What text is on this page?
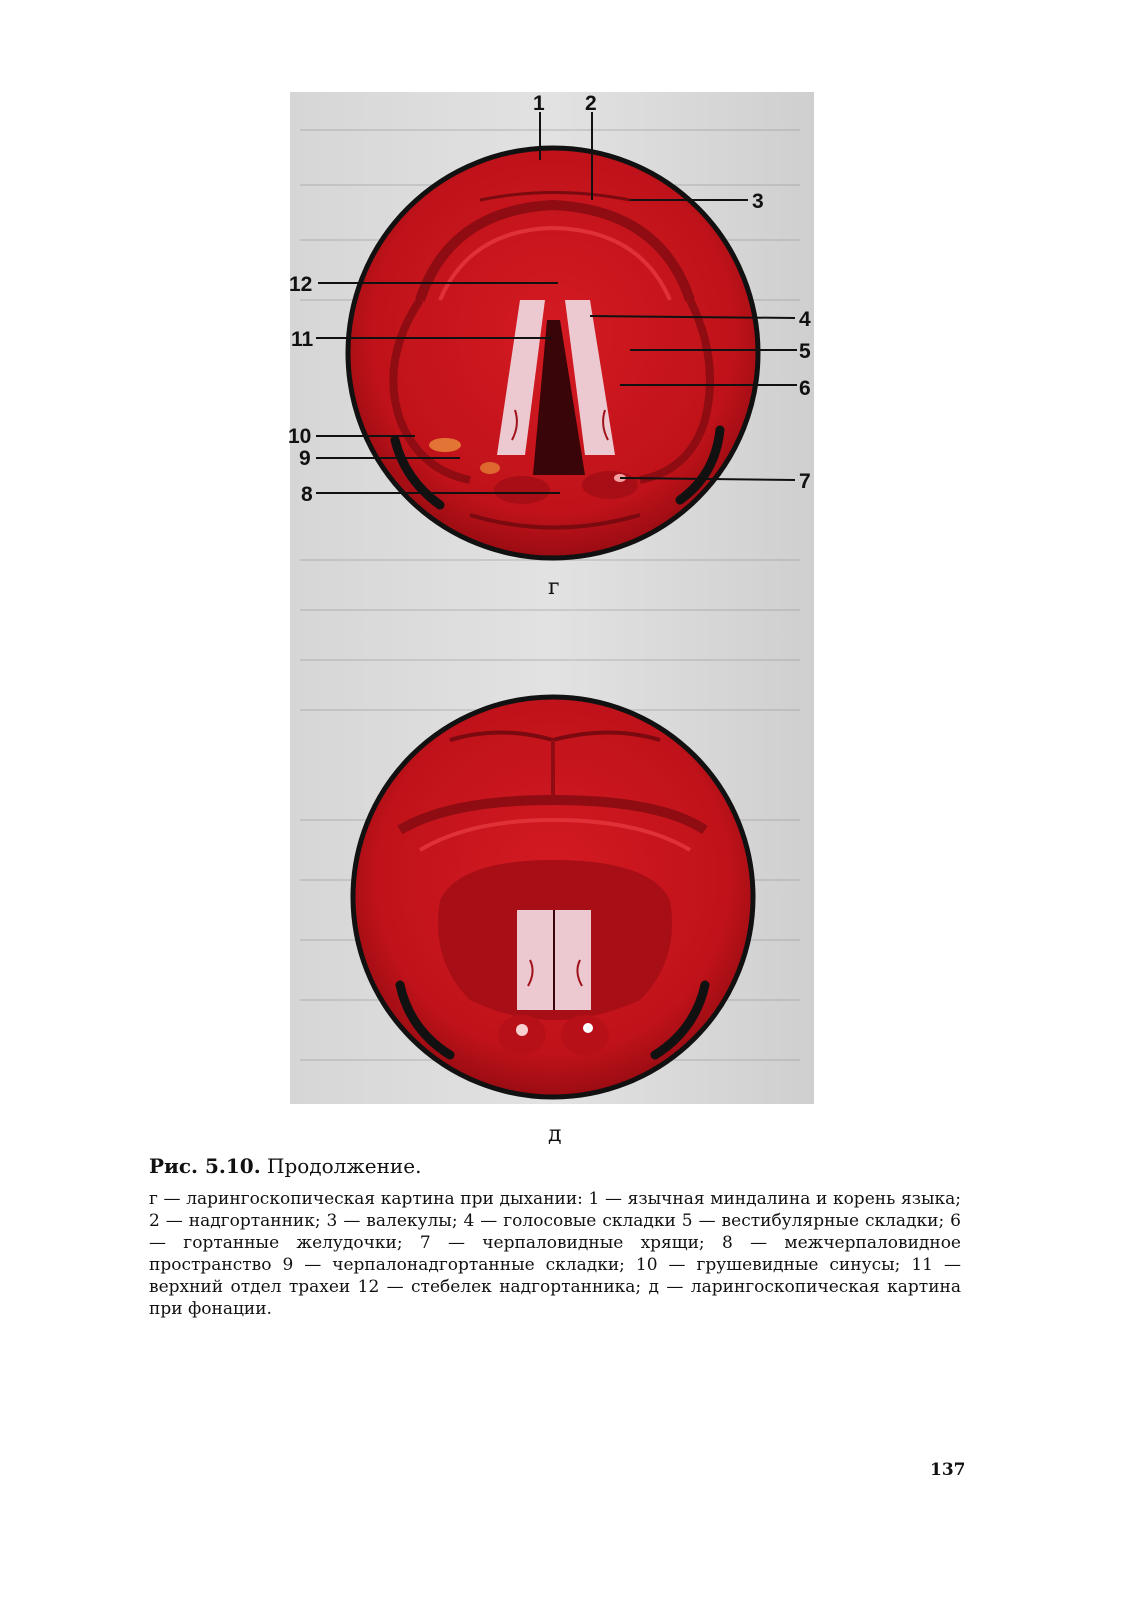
1 2
3
12
4
11
5
6
10
9
7
8
г
д
Рис. 5.10. Продолжение.

г — ларингоскопическая картина при дыхании: 1 — язычная миндалина и корень языка; 2 — надгортанник; 3 — валекулы; 4 — голосовые складки 5 — вестибулярные складки; 6 — гортанные желудочки; 7 — черпаловидные хрящи; 8 — межчерпаловидное пространство 9 — черпалонадгортанные складки; 10 — грушевидные синусы; 11 — верхний отдел трахеи 12 — стебелек надгортанника; д — ларингоскопическая картина при фонации.

137
